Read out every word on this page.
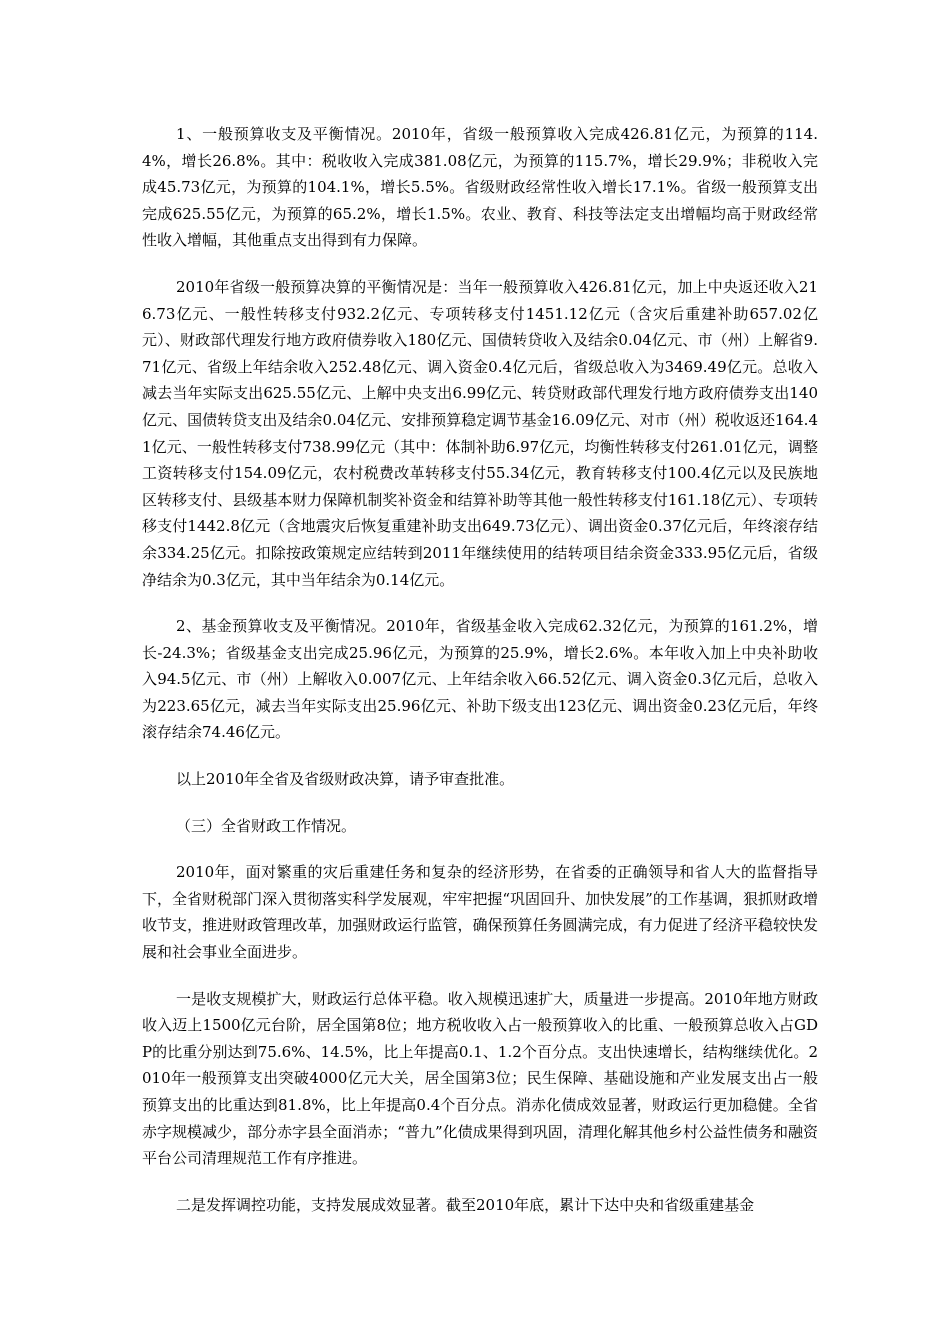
1、一般预算收支及平衡情况。2010年，省级一般预算收入完成426.81亿元，为预算的114.4%，增长26.8%。其中：税收收入完成381.08亿元，为预算的115.7%，增长29.9%；非税收入完成45.73亿元，为预算的104.1%，增长5.5%。省级财政经常性收入增长17.1%。省级一般预算支出完成625.55亿元，为预算的65.2%，增长1.5%。农业、教育、科技等法定支出增幅均高于财政经常性收入增幅，其他重点支出得到有力保障。

2010年省级一般预算决算的平衡情况是：当年一般预算收入426.81亿元，加上中央返还收入216.73亿元、一般性转移支付932.2亿元、专项转移支付1451.12亿元（含灾后重建补助657.02亿元）、财政部代理发行地方政府债券收入180亿元、国债转贷收入及结余0.04亿元、市（州）上解省9.71亿元、省级上年结余收入252.48亿元、调入资金0.4亿元后，省级总收入为3469.49亿元。总收入减去当年实际支出625.55亿元、上解中央支出6.99亿元、转贷财政部代理发行地方政府债券支出140亿元、国债转贷支出及结余0.04亿元、安排预算稳定调节基金16.09亿元、对市（州）税收返还164.41亿元、一般性转移支付738.99亿元（其中：体制补助6.97亿元，均衡性转移支付261.01亿元，调整工资转移支付154.09亿元，农村税费改革转移支付55.34亿元，教育转移支付100.4亿元以及民族地区转移支付、县级基本财力保障机制奖补资金和结算补助等其他一般性转移支付161.18亿元）、专项转移支付1442.8亿元（含地震灾后恢复重建补助支出649.73亿元）、调出资金0.37亿元后，年终滚存结余334.25亿元。扣除按政策规定应结转到2011年继续使用的结转项目结余资金333.95亿元后，省级净结余为0.3亿元，其中当年结余为0.14亿元。

2、基金预算收支及平衡情况。2010年，省级基金收入完成62.32亿元，为预算的161.2%，增长-24.3%；省级基金支出完成25.96亿元，为预算的25.9%，增长2.6%。本年收入加上中央补助收入94.5亿元、市（州）上解收入0.007亿元、上年结余收入66.52亿元、调入资金0.3亿元后，总收入为223.65亿元，减去当年实际支出25.96亿元、补助下级支出123亿元、调出资金0.23亿元后，年终滚存结余74.46亿元。

以上2010年全省及省级财政决算，请予审查批准。

（三）全省财政工作情况。

2010年，面对繁重的灾后重建任务和复杂的经济形势，在省委的正确领导和省人大的监督指导下，全省财税部门深入贯彻落实科学发展观，牢牢把握“巩固回升、加快发展”的工作基调，狠抓财政增收节支，推进财政管理改革，加强财政运行监管，确保预算任务圆满完成，有力促进了经济平稳较快发展和社会事业全面进步。

一是收支规模扩大，财政运行总体平稳。收入规模迅速扩大，质量进一步提高。2010年地方财政收入迈上1500亿元台阶，居全国第8位；地方税收收入占一般预算收入的比重、一般预算总收入占GDP的比重分别达到75.6%、14.5%，比上年提高0.1、1.2个百分点。支出快速增长，结构继续优化。2010年一般预算支出突破4000亿元大关，居全国第3位；民生保障、基础设施和产业发展支出占一般预算支出的比重达到81.8%，比上年提高0.4个百分点。消赤化债成效显著，财政运行更加稳健。全省赤字规模减少，部分赤字县全面消赤；“普九”化债成果得到巩固，清理化解其他乡村公益性债务和融资平台公司清理规范工作有序推进。

二是发挥调控功能，支持发展成效显著。截至2010年底，累计下达中央和省级重建基金
